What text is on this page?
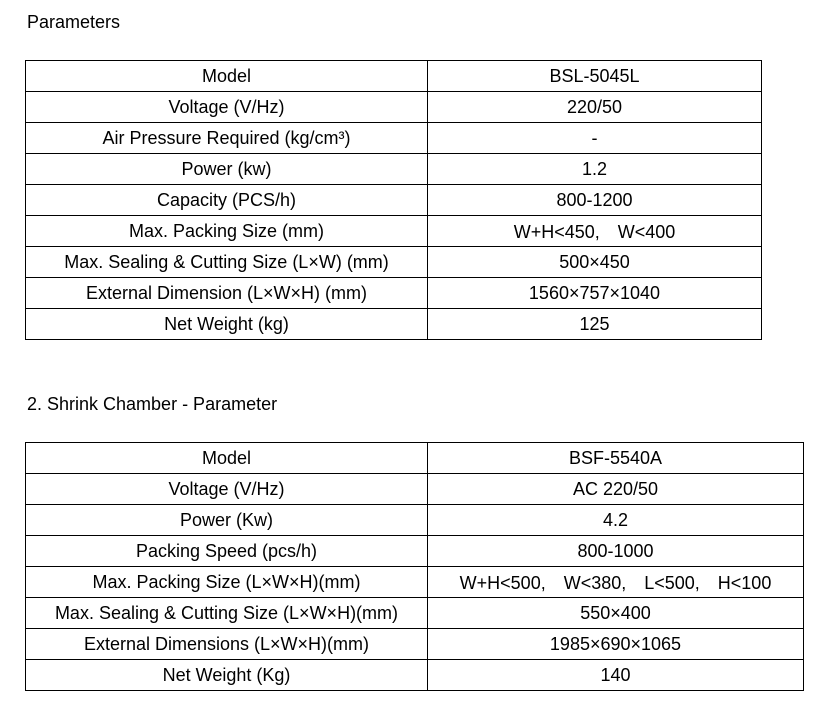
Parameters
Model	BSL-5045L
Voltage (V/Hz)	220/50
Air Pressure Required (kg/cm³)	-
Power (kw)	1.2
Capacity (PCS/h)	800-1200
Max. Packing Size (mm)	W+H<450,　W<400
Max. Sealing & Cutting Size (L×W) (mm)	500×450
External Dimension (L×W×H) (mm)	1560×757×1040
Net Weight (kg)	125
2. Shrink Chamber - Parameter
Model	BSF-5540A
Voltage (V/Hz)	AC 220/50
Power (Kw)	4.2
Packing Speed (pcs/h)	800-1000
Max. Packing Size (L×W×H)(mm)	W+H<500,　W<380,　L<500,　H<100
Max. Sealing & Cutting Size (L×W×H)(mm)	550×400
External Dimensions (L×W×H)(mm)	1985×690×1065
Net Weight (Kg)	140
